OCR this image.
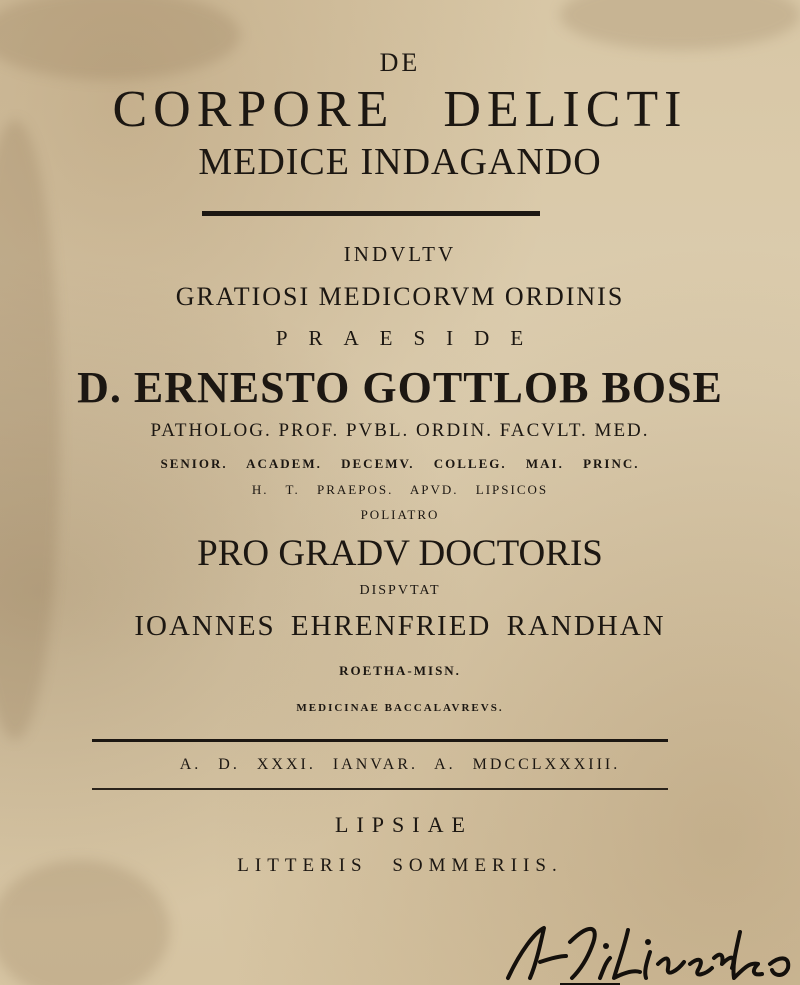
DE
CORPORE DELICTI
MEDICE INDAGANDO
INDVLTV
GRATIOSI MEDICORVM ORDINIS
PRAESIDE
D. ERNESTO GOTTLOB BOSE
PATHOLOG. PROF. PVBL. ORDIN. FACVLT. MED.
SENIOR. ACADEM. DECEMV. COLLEG. MAI. PRINC.
H. T. PRAEPOS. APVD. LIPSICOS
POLIATRO
PRO GRADV DOCTORIS
DISPVTAT
IOANNES EHRENFRIED RANDHAN
ROETHA-MISN.
MEDICINAE BACCALAVREVS.
A. D. XXXI. IANVAR. A. MDCCLXXXIII.
LIPSIAE
LITTERIS SOMMERIIS.
